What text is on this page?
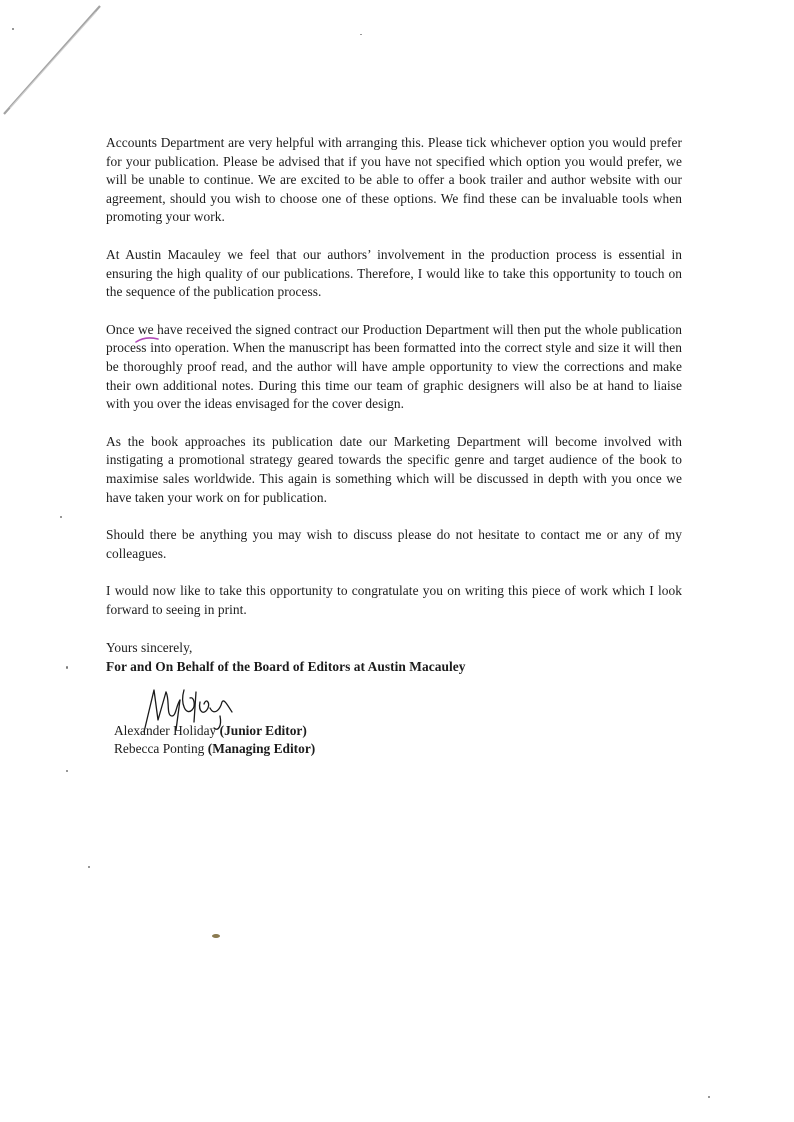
Accounts Department are very helpful with arranging this. Please tick whichever option you would prefer for your publication. Please be advised that if you have not specified which option you would prefer, we will be unable to continue. We are excited to be able to offer a book trailer and author website with our agreement, should you wish to choose one of these options. We find these can be invaluable tools when promoting your work.

At Austin Macauley we feel that our authors’ involvement in the production process is essential in ensuring the high quality of our publications. Therefore, I would like to take this opportunity to touch on the sequence of the publication process.

Once we have received the signed contract our Production Department will then put the whole publication process into operation. When the manuscript has been formatted into the correct style and size it will then be thoroughly proof read, and the author will have ample opportunity to view the corrections and make their own additional notes. During this time our team of graphic designers will also be at hand to liaise with you over the ideas envisaged for the cover design.

As the book approaches its publication date our Marketing Department will become involved with instigating a promotional strategy geared towards the specific genre and target audience of the book to maximise sales worldwide. This again is something which will be discussed in depth with you once we have taken your work on for publication.

Should there be anything you may wish to discuss please do not hesitate to contact me or any of my colleagues.

I would now like to take this opportunity to congratulate you on writing this piece of work which I look forward to seeing in print.

Yours sincerely,

For and On Behalf of the Board of Editors at Austin Macauley

Alexander Holiday (Junior Editor)
Rebecca Ponting (Managing Editor)
